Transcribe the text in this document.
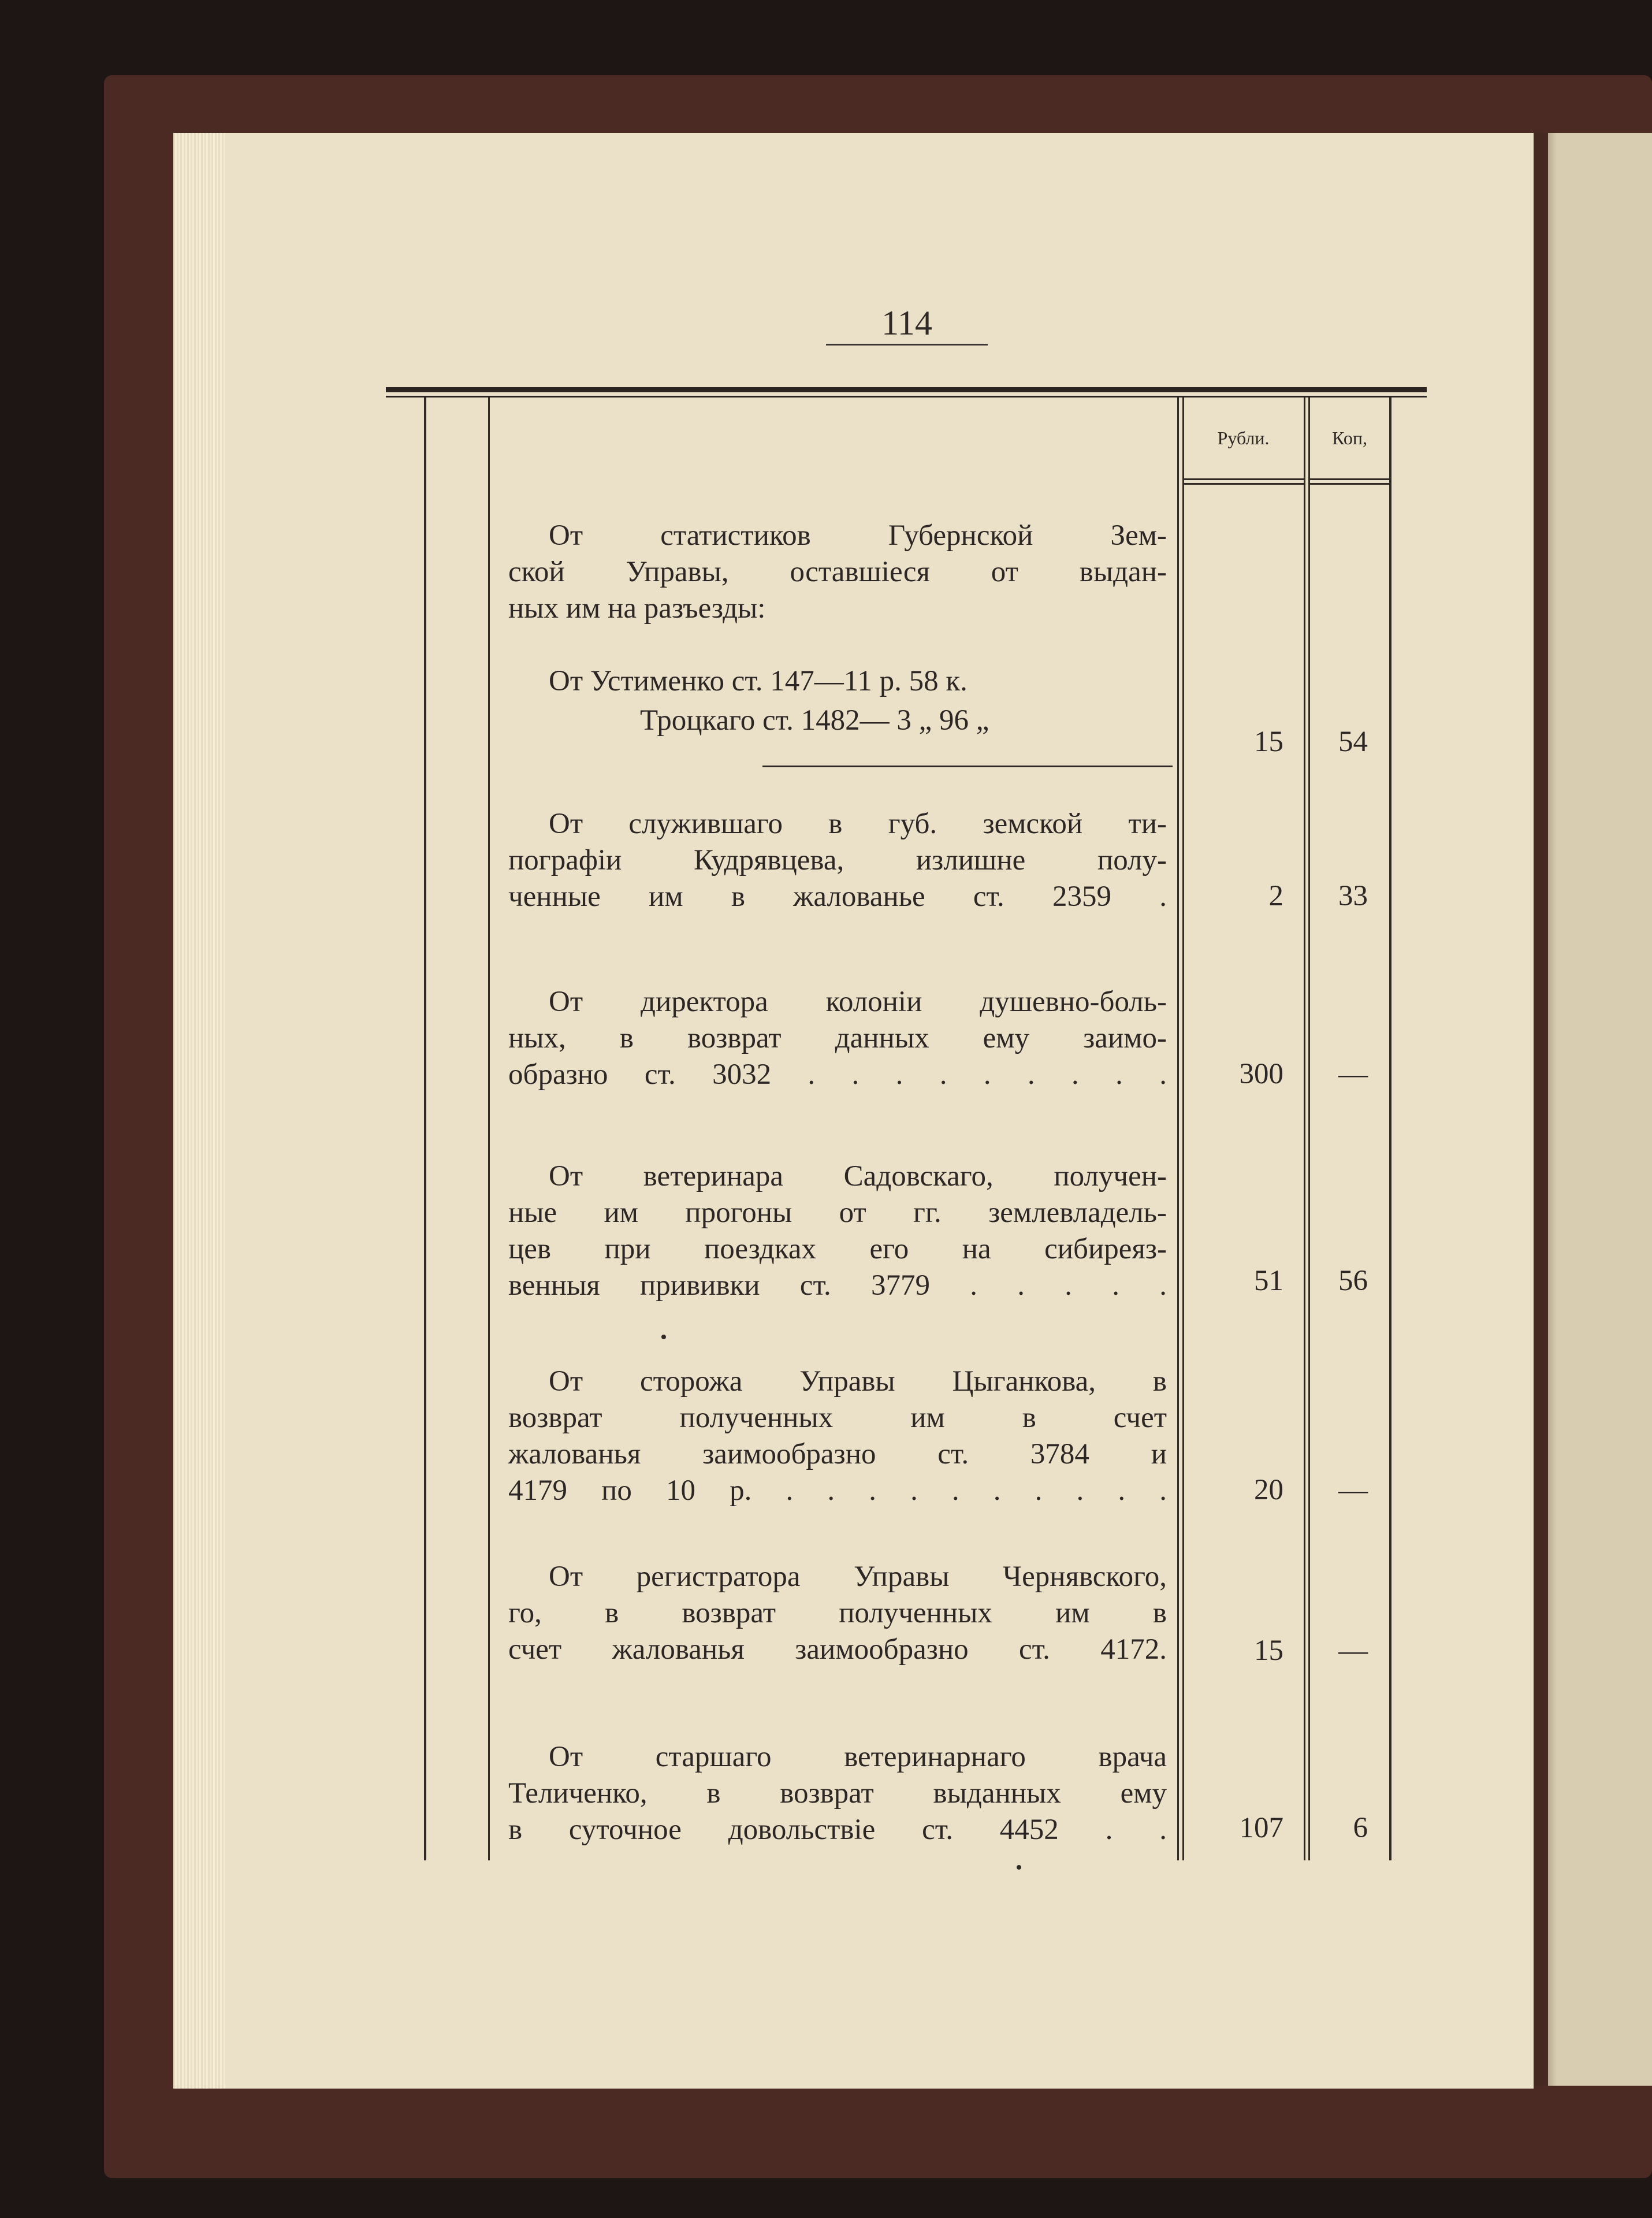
114
Рубли.	Коп,
От статистиков Губернской Зем-
ской Управы, оставшiеся от выдан-
ных им на разъезды:
От Устименко ст. 147—11 р. 58 к.
Троцкаго ст. 1482— 3 „ 96 „
15	54
От служившаго в губ. земской ти-
пографiи Кудрявцева, излишне полу-
ченные им в жалованье ст. 2359 .	2	33
От директора колонiи душевно-боль-
ных, в возврат данных ему заимо-
образно ст. 3032 . . . . . . . . .	300	—
От ветеринара Садовскаго, получен-
ные им прогоны от гг. землевладель-
цев при поездках его на сибиреяз-
венныя прививки ст. 3779 . . . . .	51	56
От сторожа Управы Цыганкова, в
возврат полученных им в счет
жалованья заимообразно ст. 3784 и
4179 по 10 р. . . . . . . . . . .	20	—
От регистратора Управы Чернявского,
го, в возврат полученных им в
счет жалованья заимообразно ст. 4172.	15	—
От старшаго ветеринарнаго врача
Теличенко, в возврат выданных ему
в суточное довольствiе ст. 4452 . .	107	6
